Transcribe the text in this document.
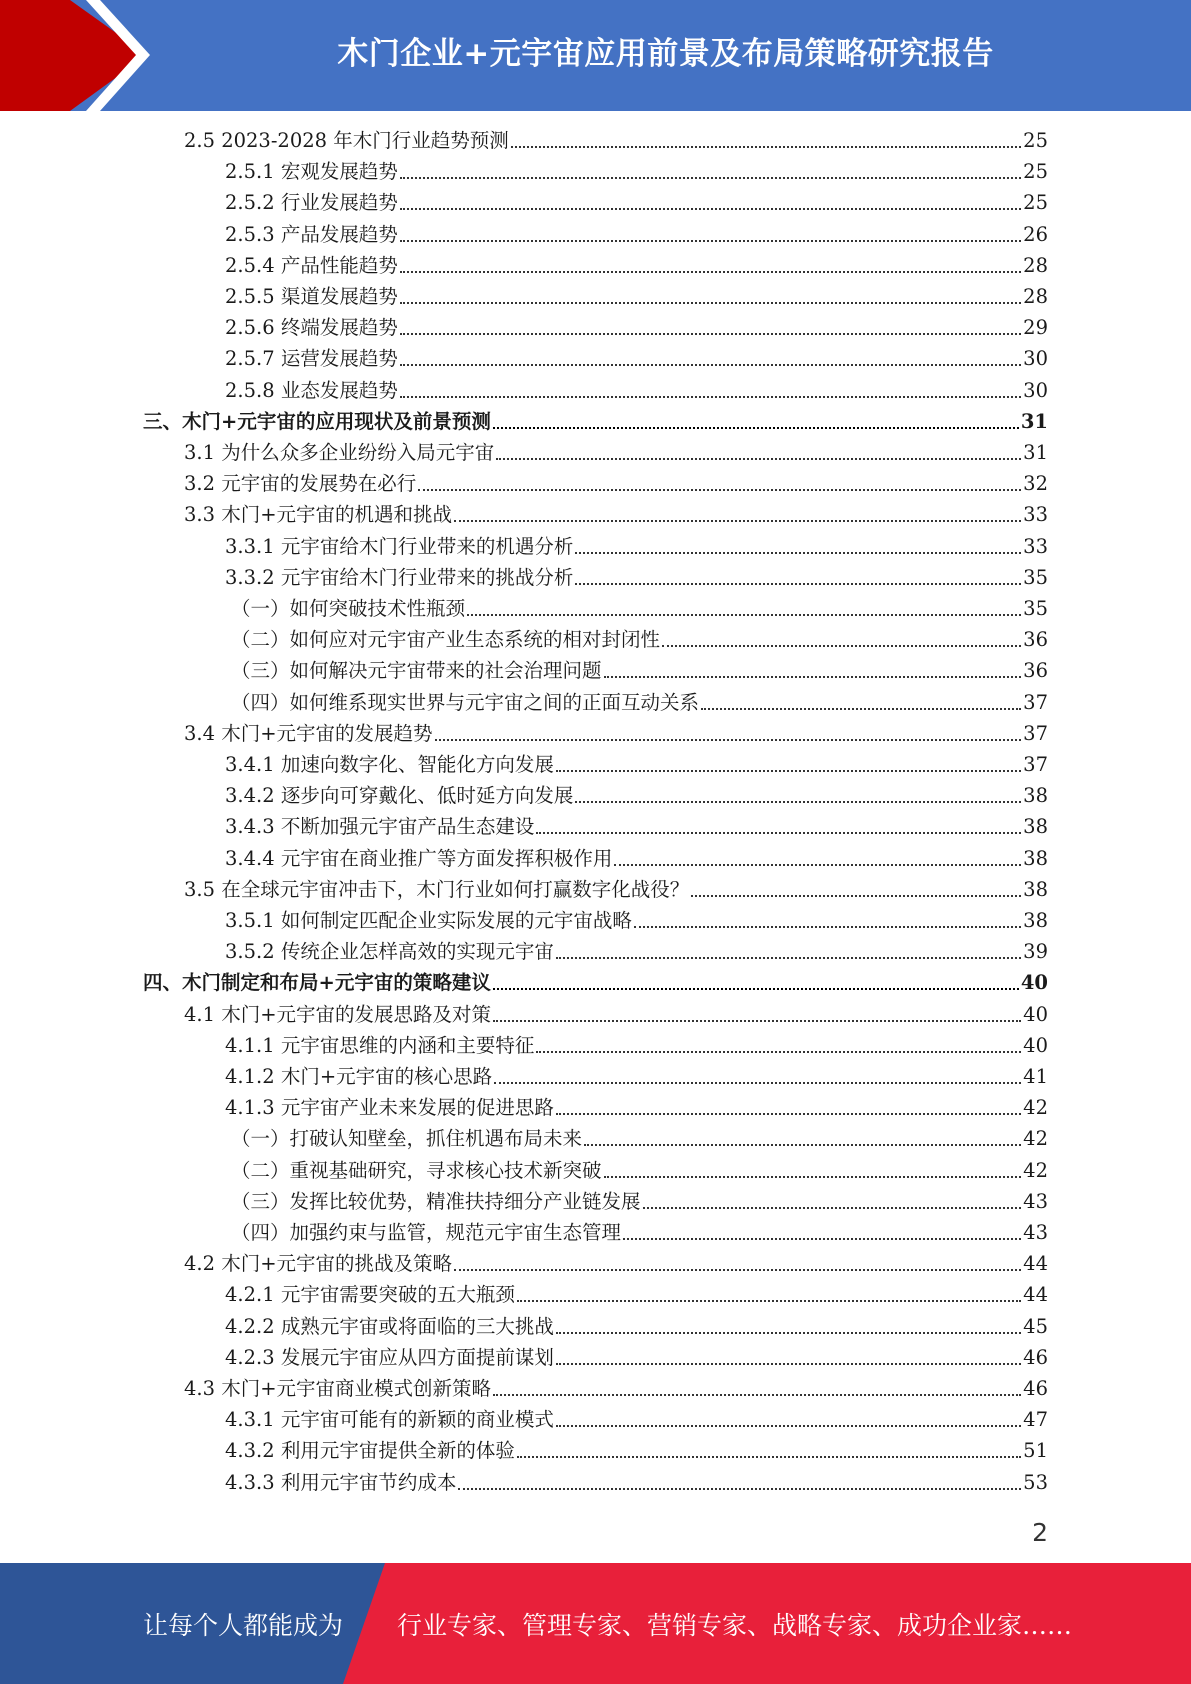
木门企业+元宇宙应用前景及布局策略研究报告
2.5 2023-2028 年木门行业趋势预测	25
2.5.1 宏观发展趋势	25
2.5.2 行业发展趋势	25
2.5.3 产品发展趋势	26
2.5.4 产品性能趋势	28
2.5.5 渠道发展趋势	28
2.5.6 终端发展趋势	29
2.5.7 运营发展趋势	30
2.5.8 业态发展趋势	30
三、木门+元宇宙的应用现状及前景预测	31
3.1 为什么众多企业纷纷入局元宇宙	31
3.2 元宇宙的发展势在必行	32
3.3 木门+元宇宙的机遇和挑战	33
3.3.1 元宇宙给木门行业带来的机遇分析	33
3.3.2 元宇宙给木门行业带来的挑战分析	35
（一）如何突破技术性瓶颈	35
（二）如何应对元宇宙产业生态系统的相对封闭性	36
（三）如何解决元宇宙带来的社会治理问题	36
（四）如何维系现实世界与元宇宙之间的正面互动关系	37
3.4 木门+元宇宙的发展趋势	37
3.4.1 加速向数字化、智能化方向发展	37
3.4.2 逐步向可穿戴化、低时延方向发展	38
3.4.3 不断加强元宇宙产品生态建设	38
3.4.4 元宇宙在商业推广等方面发挥积极作用	38
3.5 在全球元宇宙冲击下，木门行业如何打赢数字化战役？	38
3.5.1 如何制定匹配企业实际发展的元宇宙战略	38
3.5.2 传统企业怎样高效的实现元宇宙	39
四、木门制定和布局+元宇宙的策略建议	40
4.1 木门+元宇宙的发展思路及对策	40
4.1.1 元宇宙思维的内涵和主要特征	40
4.1.2 木门+元宇宙的核心思路	41
4.1.3 元宇宙产业未来发展的促进思路	42
（一）打破认知壁垒，抓住机遇布局未来	42
（二）重视基础研究，寻求核心技术新突破	42
（三）发挥比较优势，精准扶持细分产业链发展	43
（四）加强约束与监管，规范元宇宙生态管理	43
4.2 木门+元宇宙的挑战及策略	44
4.2.1 元宇宙需要突破的五大瓶颈	44
4.2.2 成熟元宇宙或将面临的三大挑战	45
4.2.3 发展元宇宙应从四方面提前谋划	46
4.3 木门+元宇宙商业模式创新策略	46
4.3.1 元宇宙可能有的新颖的商业模式	47
4.3.2 利用元宇宙提供全新的体验	51
4.3.3 利用元宇宙节约成本	53
2
让每个人都能成为 行业专家、管理专家、营销专家、战略专家、成功企业家……
